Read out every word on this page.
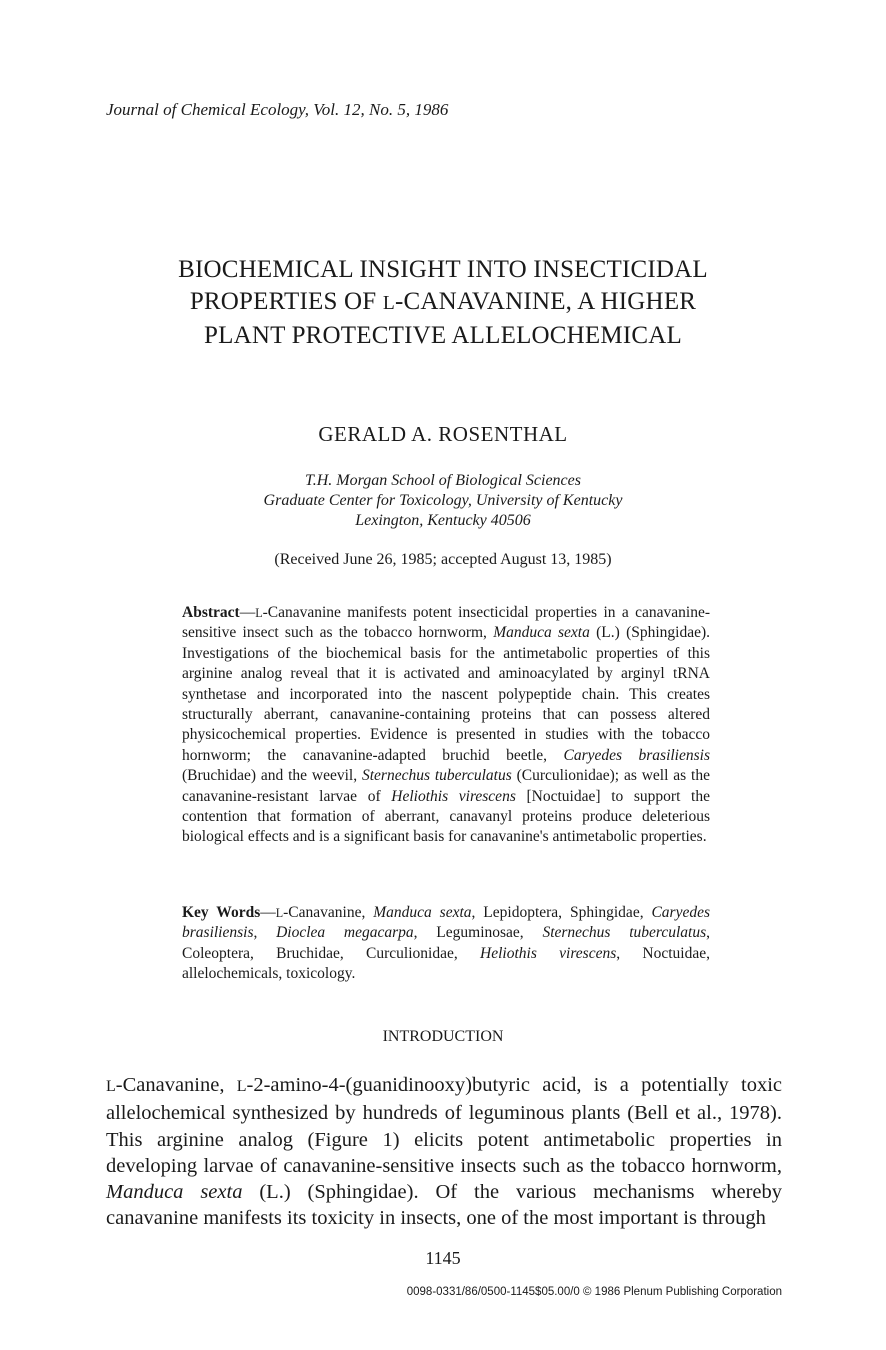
Journal of Chemical Ecology, Vol. 12, No. 5, 1986
BIOCHEMICAL INSIGHT INTO INSECTICIDAL
PROPERTIES OF L-CANAVANINE, A HIGHER
PLANT PROTECTIVE ALLELOCHEMICAL
GERALD A. ROSENTHAL
T.H. Morgan School of Biological Sciences
Graduate Center for Toxicology, University of Kentucky
Lexington, Kentucky 40506
(Received June 26, 1985; accepted August 13, 1985)
Abstract—L-Canavanine manifests potent insecticidal properties in a canavanine-sensitive insect such as the tobacco hornworm, Manduca sexta (L.) (Sphingidae). Investigations of the biochemical basis for the antimetabolic properties of this arginine analog reveal that it is activated and aminoacylated by arginyl tRNA synthetase and incorporated into the nascent polypeptide chain. This creates structurally aberrant, canavanine-containing proteins that can possess altered physicochemical properties. Evidence is presented in studies with the tobacco hornworm; the canavanine-adapted bruchid beetle, Caryedes brasiliensis (Bruchidae) and the weevil, Sternechus tuberculatus (Curculionidae); as well as the canavanine-resistant larvae of Heliothis virescens [Noctuidae] to support the contention that formation of aberrant, canavanyl proteins produce deleterious biological effects and is a significant basis for canavanine's antimetabolic properties.
Key Words—L-Canavanine, Manduca sexta, Lepidoptera, Sphingidae, Caryedes brasiliensis, Dioclea megacarpa, Leguminosae, Sternechus tuberculatus, Coleoptera, Bruchidae, Curculionidae, Heliothis virescens, Noctuidae, allelochemicals, toxicology.
INTRODUCTION
L-Canavanine, L-2-amino-4-(guanidinooxy)butyric acid, is a potentially toxic allelochemical synthesized by hundreds of leguminous plants (Bell et al., 1978). This arginine analog (Figure 1) elicits potent antimetabolic properties in developing larvae of canavanine-sensitive insects such as the tobacco hornworm, Manduca sexta (L.) (Sphingidae). Of the various mechanisms whereby canavanine manifests its toxicity in insects, one of the most important is through
1145
0098-0331/86/0500-1145$05.00/0 © 1986 Plenum Publishing Corporation
